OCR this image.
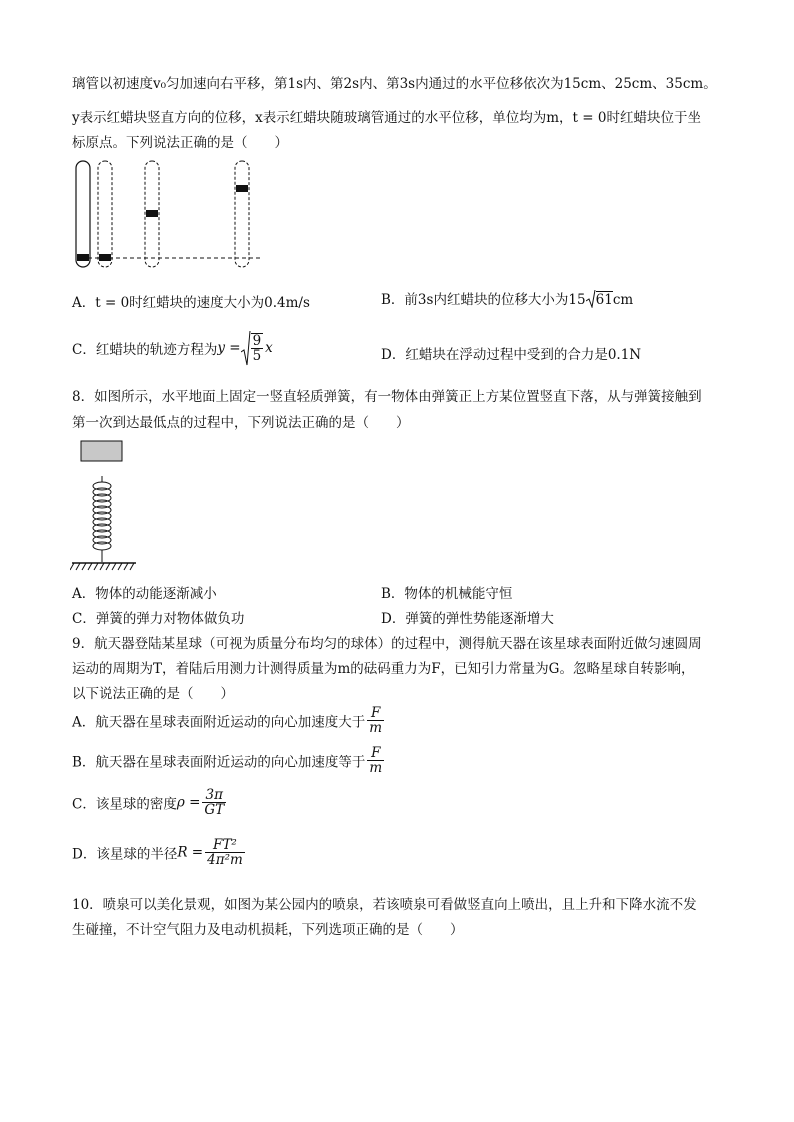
璃管以初速度v₀匀加速向右平移，第1s内、第2s内、第3s内通过的水平位移依次为15cm、25cm、35cm。
y表示红蜡块竖直方向的位移，x表示红蜡块随玻璃管通过的水平位移，单位均为m，t = 0时红蜡块位于坐
标原点。下列说法正确的是（　　）
A．t = 0时红蜡块的速度大小为0.4m/s	B．前3s内红蜡块的位移大小为15 61cm
C．红蜡块的轨迹方程为$y = \frac{9}{5}$ x	D．红蜡块在浮动过程中受到的合力是0.1N
8．如图所示，水平地面上固定一竖直轻质弹簧，有一物体由弹簧正上方某位置竖直下落，从与弹簧接触到
第一次到达最低点的过程中，下列说法正确的是（　　）
A．物体的动能逐渐减小	B．物体的机械能守恒
C．弹簧的弹力对物体做负功	D．弹簧的弹性势能逐渐增大
9．航天器登陆某星球（可视为质量分布均匀的球体）的过程中，测得航天器在该星球表面附近做匀速圆周
运动的周期为T，着陆后用测力计测得质量为m的砝码重力为F，已知引力常量为G。忽略星球自转影响，
以下说法正确的是（　　）
A．航天器在星球表面附近运动的向心加速度大于 $\frac{F}{m}$
B．航天器在星球表面附近运动的向心加速度等于 $\frac{F}{m}$
C．该星球的密度$\rho = \frac{3\pi}{GT}$
D．该星球的半径$R = \frac{\text{FT²}}{\text{4π²m}}$
10．喷泉可以美化景观，如图为某公园内的喷泉，若该喷泉可看做竖直向上喷出，且上升和下降水流不发
生碰撞，不计空气阻力及电动机损耗，下列选项正确的是（　　）
